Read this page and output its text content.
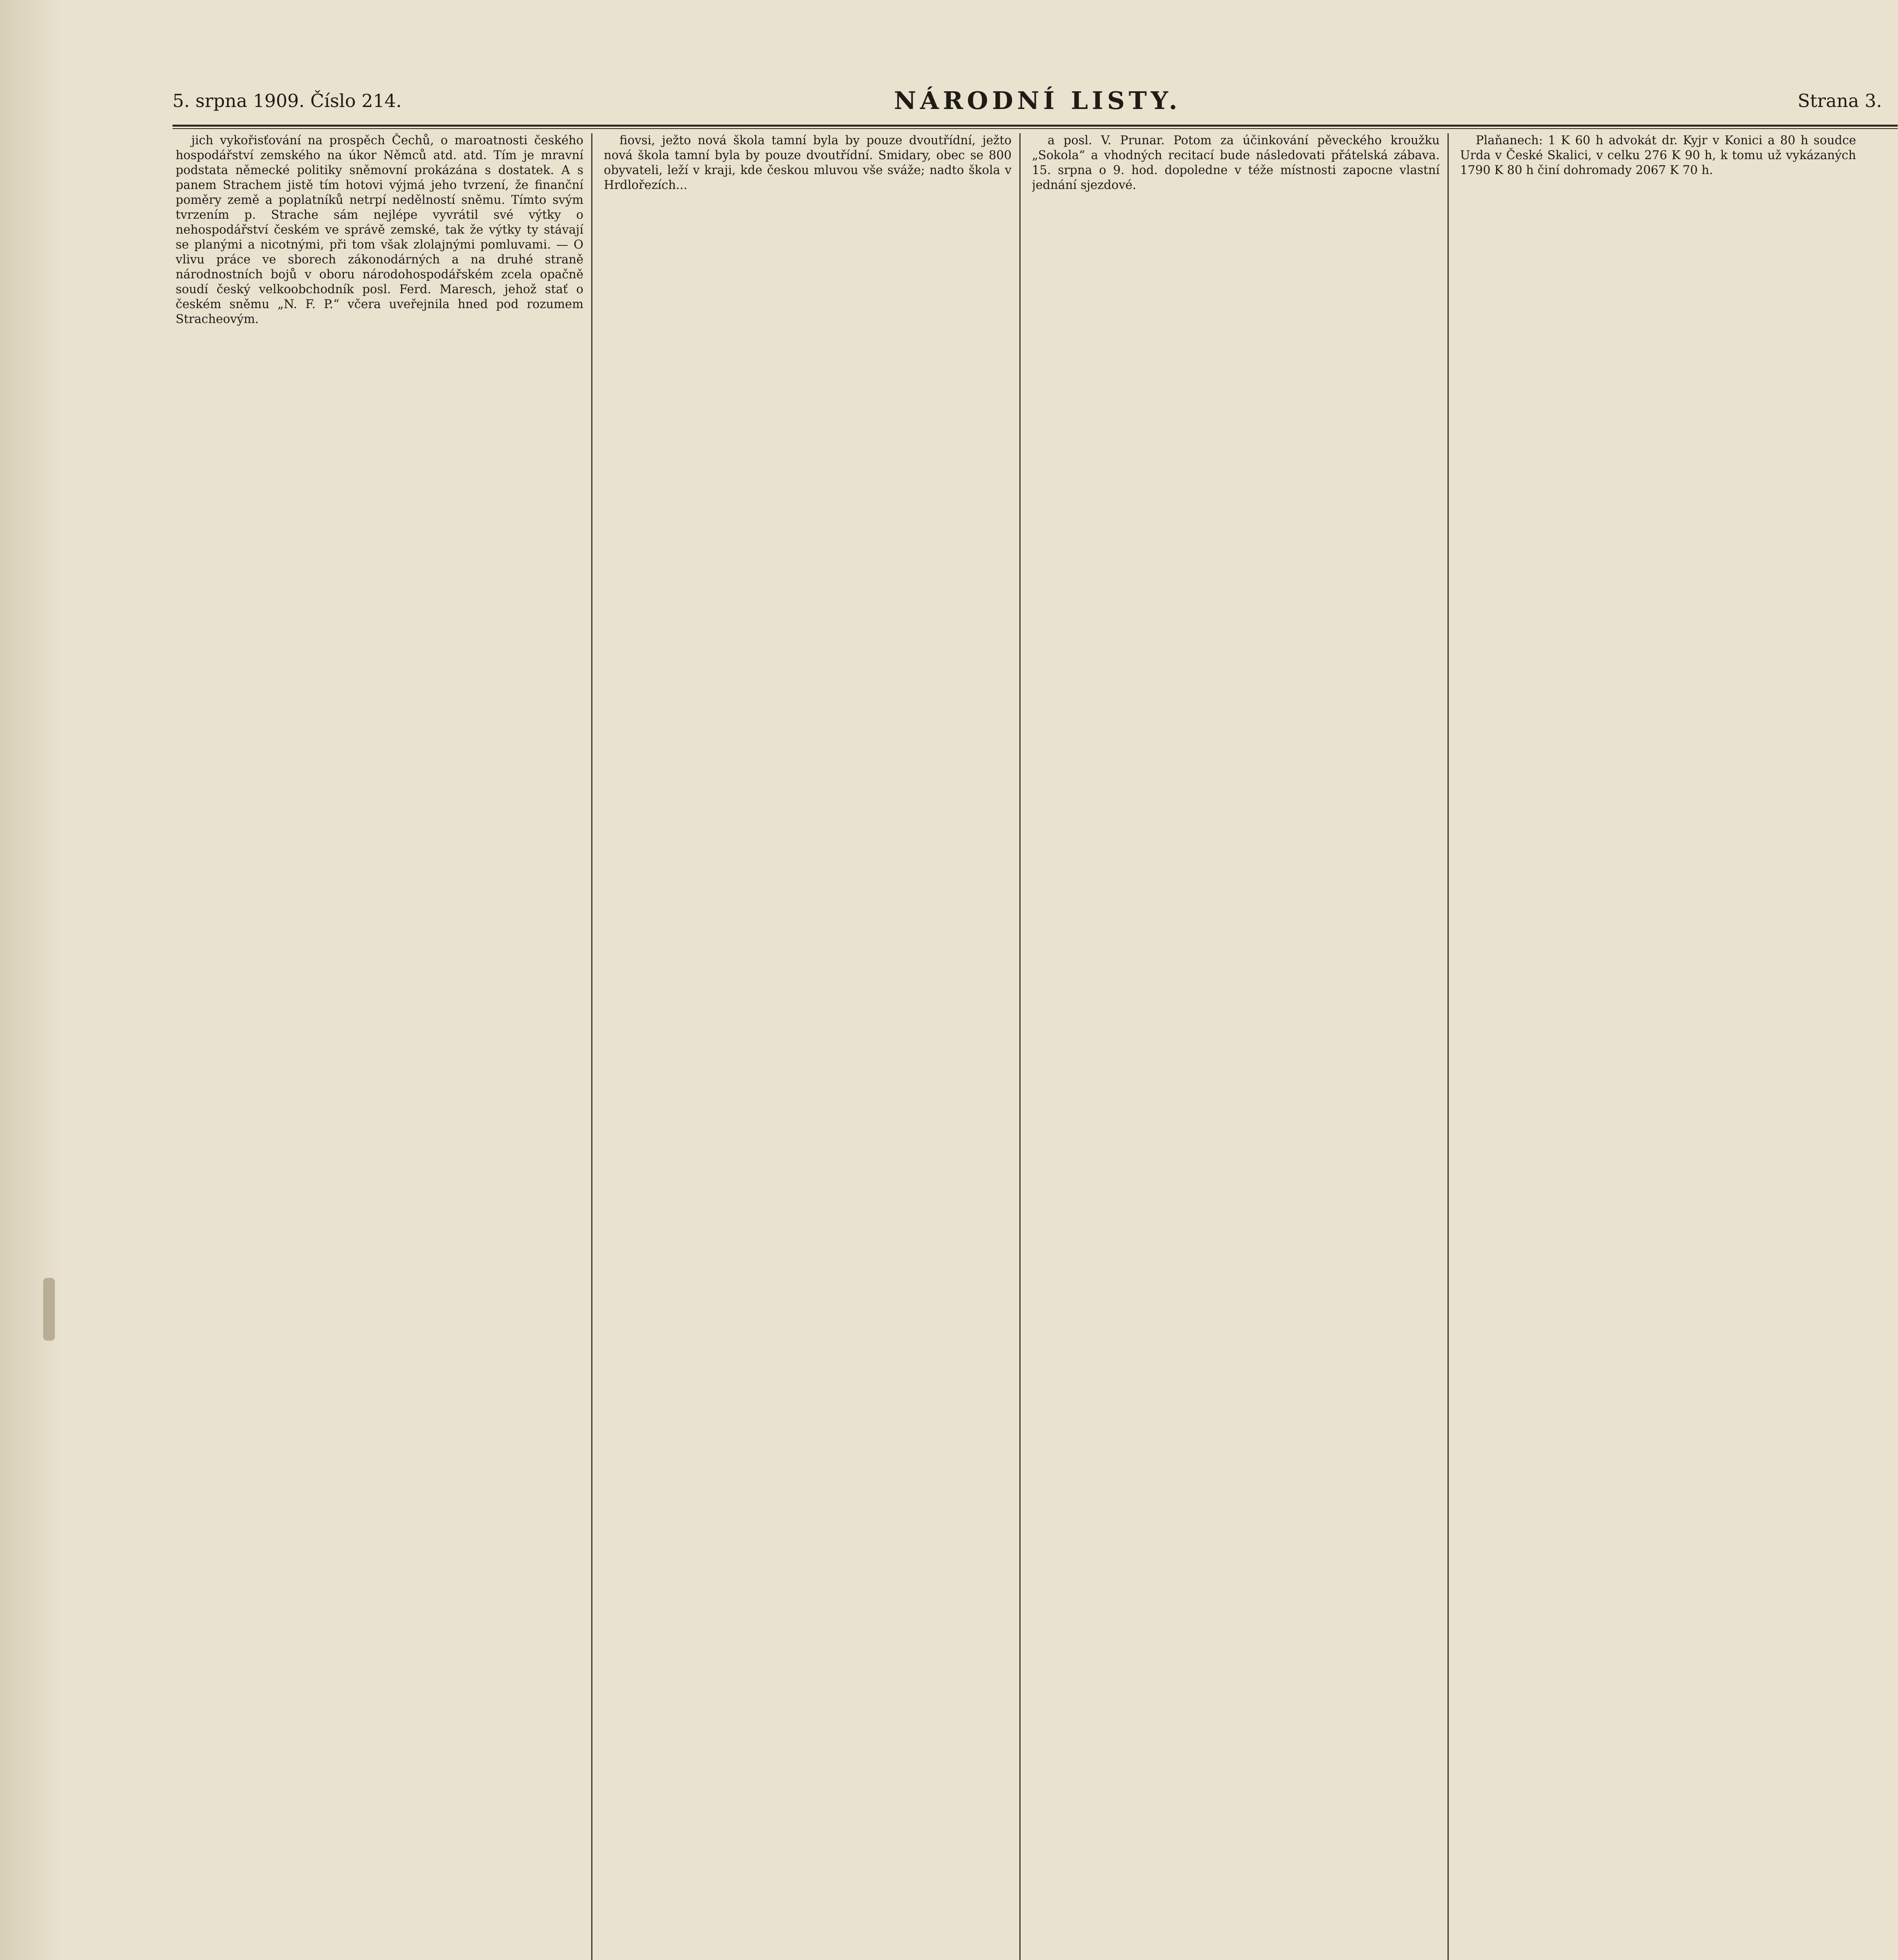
5. srpna 1909. Číslo 214.	NÁRODNÍ LISTY.	Strana 3.

jich vykořisťování na prospěch Čechů, o maroatnosti českého hospodářství zemského na úkor Němců atd. atd. Tím je mravní podstata německé politiky sněmovní prokázána s dostatek. A s panem Strachem jistě tím hotovi výjmá jeho tvrzení, že finanční poměry země a poplatníků netrpí nedělností sněmu. Tímto svým tvrzením p. Strache sám nejlépe vyvrátil své výtky o nehospodářství českém ve správě zemské, tak že výtky ty stávají se planými a nicotnými, při tom však zlolajnými pomluvami. — O vlivu práce ve sborech zákonodárných a na druhé straně národnostních bojů v oboru národohospodářském zcela opačně soudí český velkoobchodník posl. Ferd. Maresch, jehož stať o českém sněmu „N. F. P.“ včera uveřejnila hned pod rozumem Stracheovým.

fiovsi, ježto nová škola tamní byla by pouze dvoutřídní, ježto nová škola tamní byla by pouze dvoutřídní. Smidary, obec se 800 obyvateli, leží v kraji, kde českou mluvou vše sváže; nadto škola v Hrdlořezích...

a posl. V. Prunar. Potom za účinkování pěveckého kroužku „Sokola“ a vhodných recitací bude následovati přátelská zábava. 15. srpna o 9. hod. dopoledne v téže místnosti zapocne vlastní jednání sjezdové.

Plaňanech: 1 K 60 h advokát dr. Kyjr v Konici a 80 h soudce Urda v České Skalici, v celku 276 K 90 h, k tomu už vykázaných 1790 K 80 h činí dohromady 2067 K 70 h.
